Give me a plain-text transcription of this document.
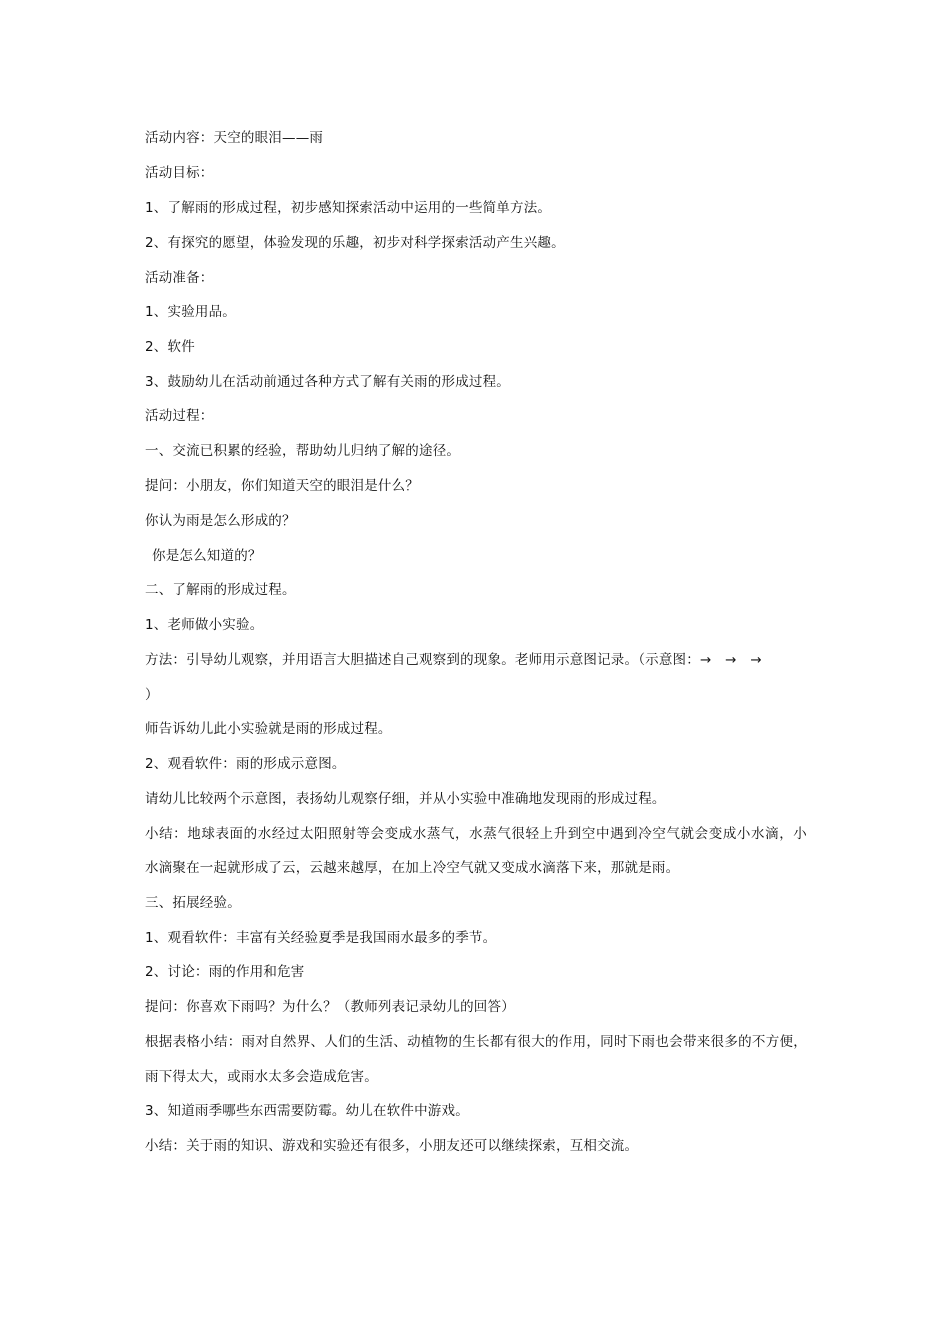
活动内容：天空的眼泪——雨
活动目标：
1、了解雨的形成过程，初步感知探索活动中运用的一些简单方法。
2、有探究的愿望，体验发现的乐趣，初步对科学探索活动产生兴趣。
活动准备：
1、实验用品。
2、软件
3、鼓励幼儿在活动前通过各种方式了解有关雨的形成过程。
活动过程：
一、交流已积累的经验，帮助幼儿归纳了解的途径。
提问：小朋友，你们知道天空的眼泪是什么？
你认为雨是怎么形成的？
你是怎么知道的？
二、了解雨的形成过程。
1、老师做小实验。
方法：引导幼儿观察，并用语言大胆描述自己观察到的现象。老师用示意图记录。（示意图：→　→　→
）
师告诉幼儿此小实验就是雨的形成过程。
2、观看软件：雨的形成示意图。
请幼儿比较两个示意图，表扬幼儿观察仔细，并从小实验中准确地发现雨的形成过程。
小结：地球表面的水经过太阳照射等会变成水蒸气，水蒸气很轻上升到空中遇到冷空气就会变成小水滴，小
水滴聚在一起就形成了云，云越来越厚，在加上冷空气就又变成水滴落下来，那就是雨。
三、拓展经验。
1、观看软件：丰富有关经验夏季是我国雨水最多的季节。
2、讨论：雨的作用和危害
提问：你喜欢下雨吗？为什么？（教师列表记录幼儿的回答）
根据表格小结：雨对自然界、人们的生活、动植物的生长都有很大的作用，同时下雨也会带来很多的不方便，
雨下得太大，或雨水太多会造成危害。
3、知道雨季哪些东西需要防霉。幼儿在软件中游戏。
小结：关于雨的知识、游戏和实验还有很多，小朋友还可以继续探索，互相交流。
